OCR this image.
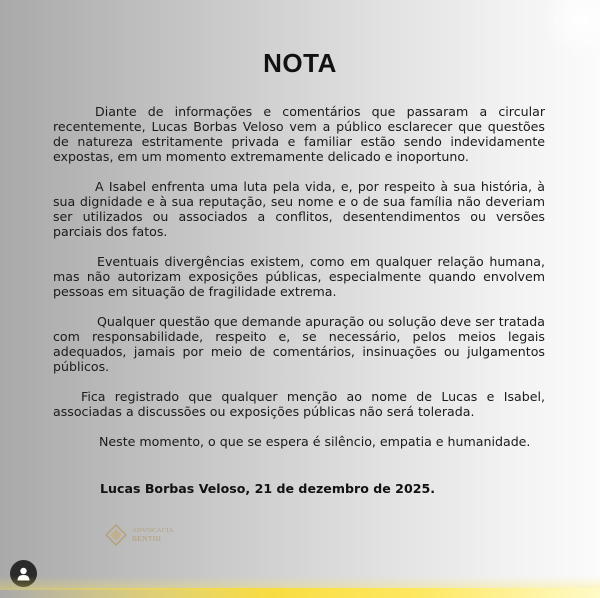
NOTA

Diante de informações e comentários que passaram a circular recentemente, Lucas Borbas Veloso vem a público esclarecer que questões de natureza estritamente privada e familiar estão sendo indevidamente expostas, em um momento extremamente delicado e inoportuno.

A Isabel enfrenta uma luta pela vida, e, por respeito à sua história, à sua dignidade e à sua reputação, seu nome e o de sua família não deveriam ser utilizados ou associados a conflitos, desentendimentos ou versões parciais dos fatos.

Eventuais divergências existem, como em qualquer relação humana, mas não autorizam exposições públicas, especialmente quando envolvem pessoas em situação de fragilidade extrema.

Qualquer questão que demande apuração ou solução deve ser tratada com responsabilidade, respeito e, se necessário, pelos meios legais adequados, jamais por meio de comentários, insinuações ou julgamentos públicos.

Fica registrado que qualquer menção ao nome de Lucas e Isabel, associadas a discussões ou exposições públicas não será tolerada.

Neste momento, o que se espera é silêncio, empatia e humanidade.

Lucas Borbas Veloso, 21 de dezembro de 2025.
ADVOCACIA
BENTHI
